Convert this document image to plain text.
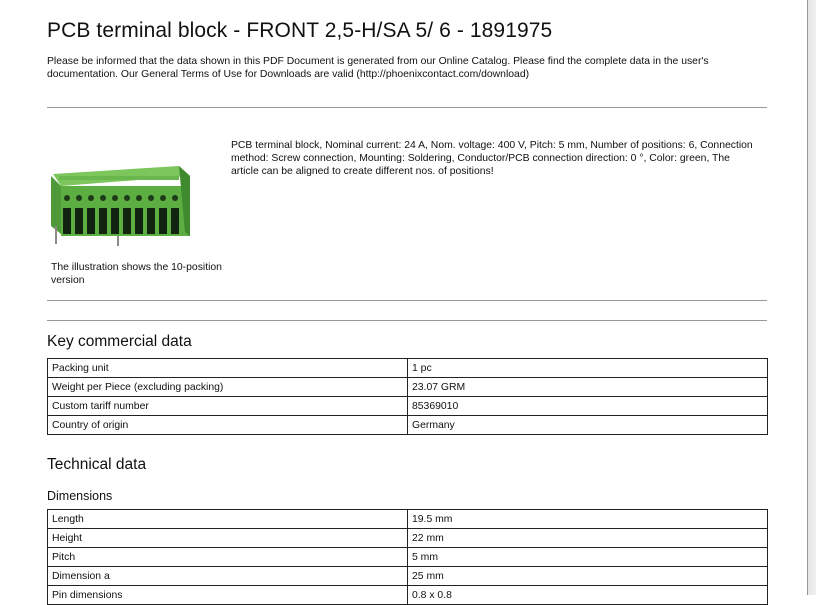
PCB terminal block - FRONT 2,5-H/SA 5/ 6 - 1891975

Please be informed that the data shown in this PDF Document is generated from our Online Catalog. Please find the complete data in the user's documentation. Our General Terms of Use for Downloads are valid (http://phoenixcontact.com/download)

The illustration shows the 10-position version

PCB terminal block, Nominal current: 24 A, Nom. voltage: 400 V, Pitch: 5 mm, Number of positions: 6, Connection method: Screw connection, Mounting: Soldering, Conductor/PCB connection direction: 0 °, Color: green, The article can be aligned to create different nos. of positions!

Key commercial data
Packing unit	1 pc
Weight per Piece (excluding packing)	23.07 GRM
Custom tariff number	85369010
Country of origin	Germany
Technical data
Dimensions
Length	19.5 mm
Height	22 mm
Pitch	5 mm
Dimension a	25 mm
Pin dimensions	0.8 x 0.8
